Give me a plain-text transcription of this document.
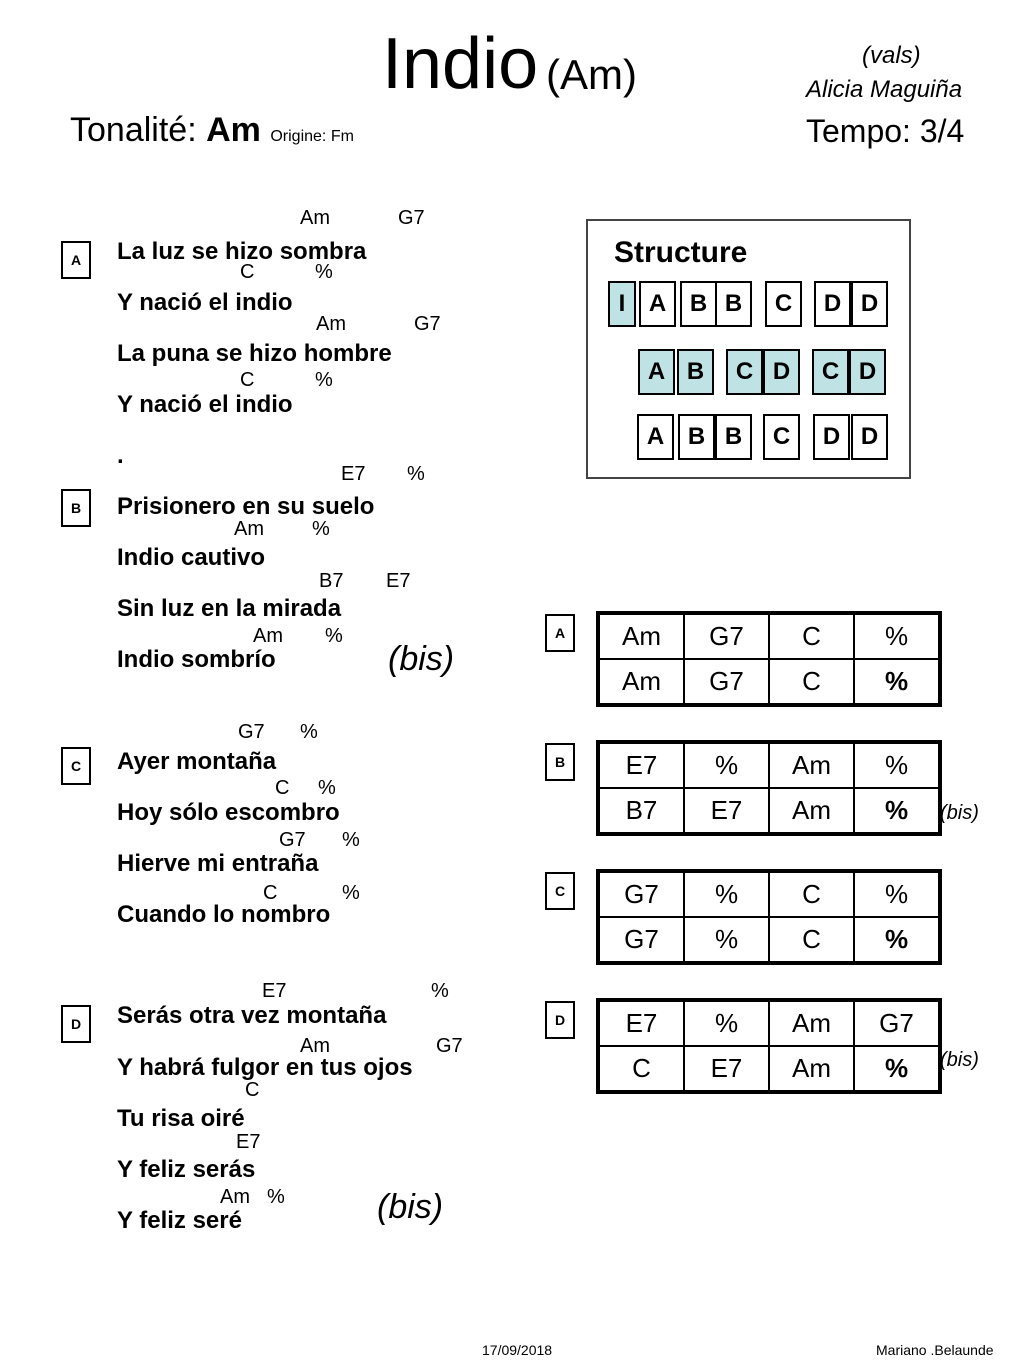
Indio (Am)	(vals)
Alicia Maguiña
Tonalité: Am Origine: Fm	Tempo: 3/4
A
B
C
D
Am	G7
C	%
Am	G7
C	%
E7 %
Am %
B7 E7
Am %
G7 %
C %
G7 %
C	%
E7	%
Am	G7
C
E7
Am %
La luz se hizo sombra
Y nació el indio
La puna se hizo hombre
Y nació el indio
.
Prisionero en su suelo
Indio cautivo
Sin luz en la mirada
Indio sombrío
Ayer montaña
Hoy sólo escombro
Hierve mi entraña
Cuando lo nombro
Serás otra vez montaña
Y habrá fulgor en tus ojos
Tu risa oiré
Y feliz serás
Y feliz seré
(bis)
(bis)
Structure
I A B B	C	D D
A B	C D	C D
A B B	C	D D
A	Am	G7	C	%
Am	G7	C	%
B	E7	%	Am	%
B7	E7	Am	% (bis)
C	G7	%	C	%
G7	%	C	%
D	E7	%	Am	G7
C	E7	Am	% (bis)
17/09/2018	Mariano .Belaunde
